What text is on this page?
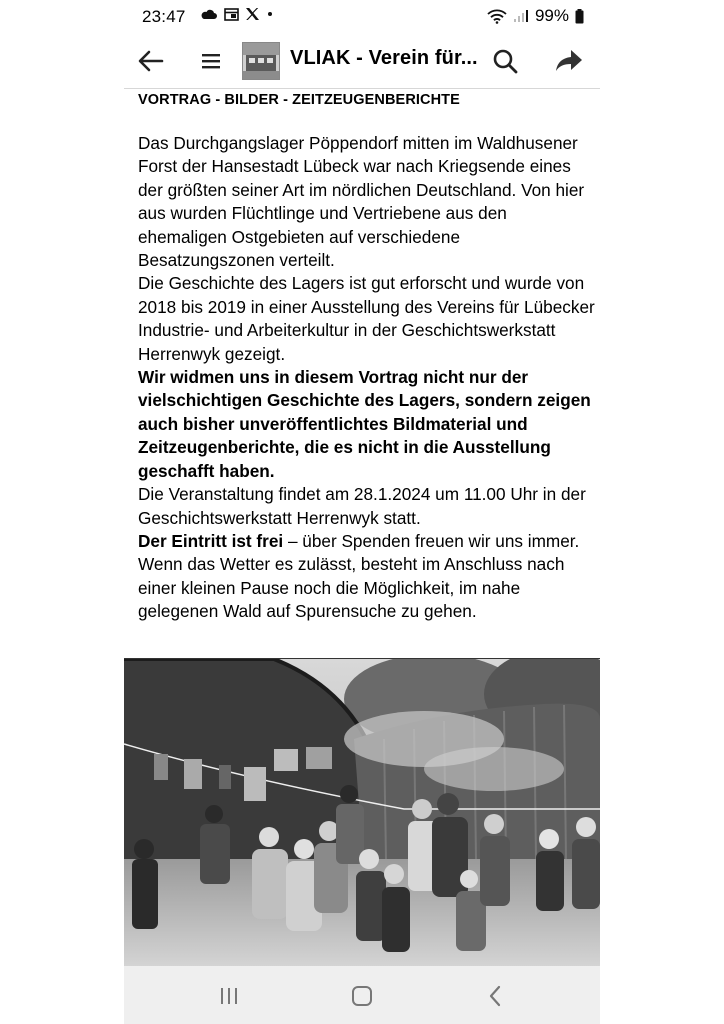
23:47	99%
VLIAK - Verein für...
VORTRAG - BILDER - ZEITZEUGENBERICHTE

Das Durchgangslager Pöppendorf mitten im Waldhusener Forst der Hansestadt Lübeck war nach Kriegsende eines der größten seiner Art im nördlichen Deutschland. Von hier aus wurden Flüchtlinge und Vertriebene aus den ehemaligen Ostgebieten auf verschiedene Besatzungszonen verteilt.

Die Geschichte des Lagers ist gut erforscht und wurde von 2018 bis 2019 in einer Ausstellung des Vereins für Lübecker Industrie- und Arbeiterkultur in der Geschichtswerkstatt Herrenwyk gezeigt.

Wir widmen uns in diesem Vortrag nicht nur der vielschichtigen Geschichte des Lagers, sondern zeigen auch bisher unveröffentlichtes Bildmaterial und Zeitzeugenberichte, die es nicht in die Ausstellung geschafft haben.

Die Veranstaltung findet am 28.1.2024 um 11.00 Uhr in der Geschichtswerkstatt Herrenwyk statt.

Der Eintritt ist frei – über Spenden freuen wir uns immer.

Wenn das Wetter es zulässt, besteht im Anschluss nach einer kleinen Pause noch die Möglichkeit, im nahe gelegenen Wald auf Spurensuche zu gehen.
